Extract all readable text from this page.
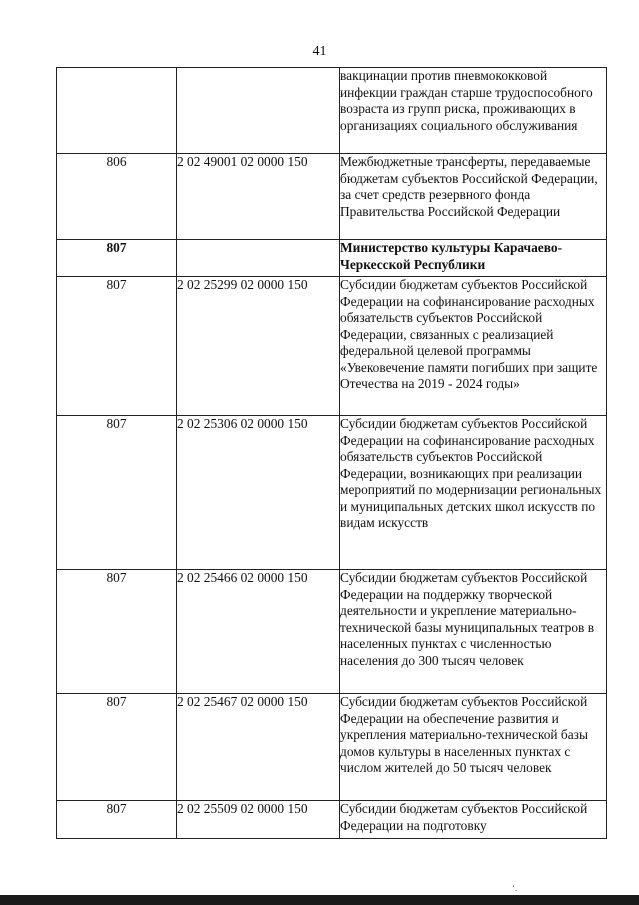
41
		вакцинации против пневмококковой инфекции граждан старше трудоспособного возраста из групп риска, проживающих в организациях социального обслуживания
806	2 02 49001 02 0000 150	Межбюджетные трансферты, передаваемые бюджетам субъектов Российской Федерации, за счет средств резервного фонда Правительства Российской Федерации
807		Министерство культуры Карачаево-Черкесской Республики
807	2 02 25299 02 0000 150	Субсидии бюджетам субъектов Российской Федерации на софинансирование расходных обязательств субъектов Российской Федерации, связанных с реализацией федеральной целевой программы «Увековечение памяти погибших при защите Отечества на 2019 - 2024 годы»
807	2 02 25306 02 0000 150	Субсидии бюджетам субъектов Российской Федерации на софинансирование расходных обязательств субъектов Российской Федерации, возникающих при реализации мероприятий по модернизации региональных и муниципальных детских школ искусств по видам искусств
807	2 02 25466 02 0000 150	Субсидии бюджетам субъектов Российской Федерации на поддержку творческой деятельности и укрепление материально-технической базы муниципальных театров в населенных пунктах с численностью населения до 300 тысяч человек
807	2 02 25467 02 0000 150	Субсидии бюджетам субъектов Российской Федерации на обеспечение развития и укрепления материально-технической базы домов культуры в населенных пунктах с числом жителей до 50 тысяч человек
807	2 02 25509 02 0000 150	Субсидии бюджетам субъектов Российской Федерации на подготовку
ʻ.
